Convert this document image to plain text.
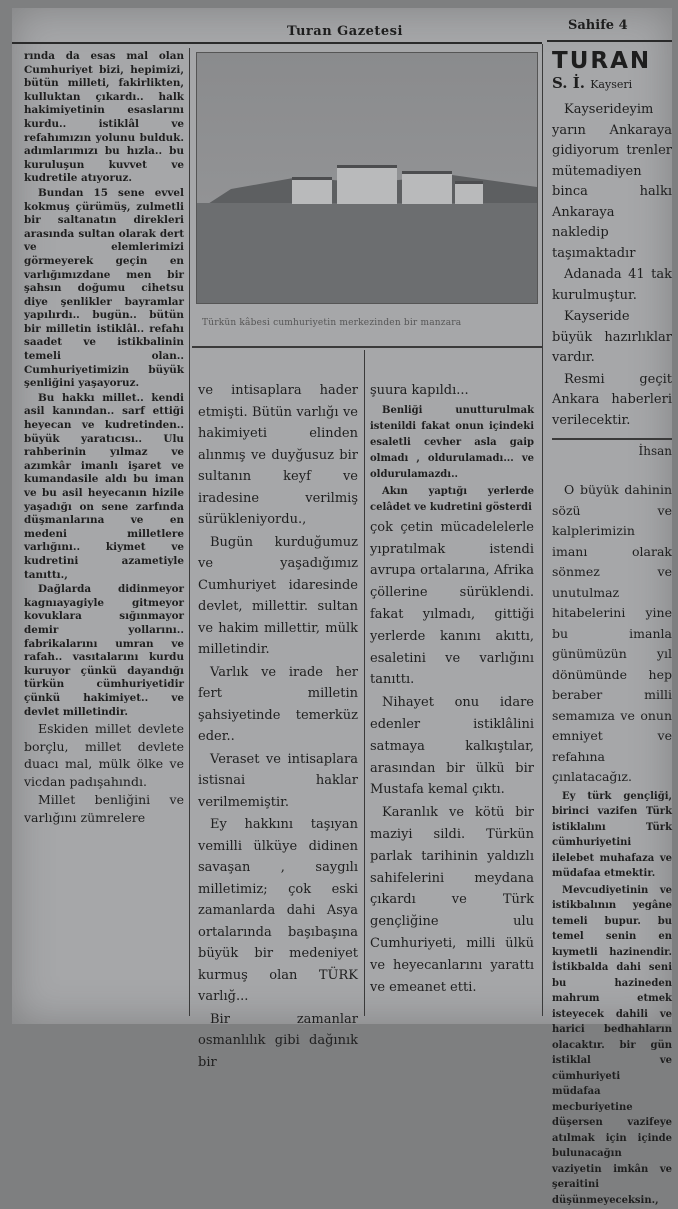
Turan Gazetesi	Sahife 4

rında da esas mal olan Cumhuriyet bizi, hepimizi, bütün milleti, fakirlikten, kulluktan çıkardı.. halk hakimiyetinin esaslarını kurdu.. istiklâl ve refahımızın yolunu bulduk. adımlarımızı bu hızla.. bu kuruluşun kuvvet ve kudretile atıyoruz.

Bundan 15 sene evvel kokmuş çürümüş, zulmetli bir saltanatın direkleri arasında sultan olarak dert ve elemlerimizi görmeyerek geçin en varlığımızdane men bir şahsın doğumu cihetsu diye şenlikler bayramlar yapılırdı.. bugün.. bütün bir milletin istiklâl.. refahı saadet ve istikbalinin temeli olan.. Cumhuriyetimizin büyük şenliğini yaşayoruz.

Bu hakkı millet.. kendi asil kanından.. sarf ettiği heyecan ve kudretinden.. büyük yaratıcısı.. Ulu rahberinin yılmaz ve azımkâr imanlı işaret ve kumandasile aldı bu iman ve bu asil heyecanın hizile yaşadığı on sene zarfında düşmanlarına ve en medeni milletlere varlığını.. kiymet ve kudretini azametiyle tanıttı.,

Dağlarda didinmeyor kagnıayagiyle gitmeyor kovuklara sığınmayor demir yollarını.. fabrikalarını umran ve rafah.. vasıtalarını kurdu kuruyor çünkü dayandığı türkün cümhuriyetidir çünkü hakimiyet.. ve devlet milletindir.

Eskiden millet devlete borçlu, millet devlete duacı mal, mülk ölke ve vicdan padışahındı.

Millet benliğini ve varlığını zümrelere

Türkün kâbesi cumhuriyetin merkezinden bir manzara

ve intisaplara hader etmişti. Bütün varlığı ve hakimiyeti elinden alınmış ve duyğusuz bir sultanın keyf ve iradesine verilmiş sürükleniyordu.,

Bugün kurduğumuz ve yaşadığımız Cumhuriyet idaresinde devlet, millettir. sultan ve hakim millettir, mülk milletindir.

Varlık ve irade her fert milletin şahsiyetinde temerküz eder..

Veraset ve intisaplara istisnai haklar verilmemiştir.

Ey hakkını taşıyan vemilli ülküye didinen savaşan , saygılı milletimiz; çok eski zamanlarda dahi Asya ortalarında başıbaşına büyük bir medeniyet kurmuş olan TÜRK varlığ...

Bir zamanlar osmanlılık gibi dağınık bir

şuura kapıldı...

Benliği unutturulmak istenildi fakat onun içindeki esaletli cevher asla gaip olmadı , oldurulamadı... ve oldurulamazdı..

Akın yaptığı yerlerde celâdet ve kudretini gösterdi

çok çetin mücadelelerle yıpratılmak istendi avrupa ortalarına, Afrika çöllerine sürüklendi. fakat yılmadı, gittiği yerlerde kanını akıttı, esaletini ve varlığını tanıttı.

Nihayet onu idare edenler istiklâlini satmaya kalkıştılar, arasından bir ülkü bir Mustafa kemal çıktı.

Karanlık ve kötü bir maziyi sildi. Türkün parlak tarihinin yaldızlı sahifelerini meydana çıkardı ve Türk gençliğine ulu Cumhuriyeti, milli ülkü ve heyecanlarını yarattı ve emeanet etti.

TURAN

S. İ. Kayseri

Kayserideyim yarın Ankaraya gidiyorum trenler mütemadiyen binca halkı Ankaraya nakledip taşımaktadır

Adanada 41 tak kurulmuştur.

Kayseride büyük hazırlıklar vardır.

Resmi geçit Ankara haberleri verilecektir.

İhsan

O büyük dahinin sözü ve kalplerimizin imanı olarak sönmez ve unutulmaz hitabelerini yine bu imanla günümüzün yıl dönümünde hep beraber milli semamıza ve onun emniyet ve refahına çınlatacağız.

Ey türk gençliği, birinci vazifen Türk istiklalını Türk cümhuriyetini ilelebet muhafaza ve müdafaa etmektir.

Mevcudiyetinin ve istikbalının yegâne temeli bupur. bu temel senin en kıymetli hazinendir. İstikbalda dahi seni bu hazineden mahrum etmek isteyecek dahili ve harici bedhahların olacaktır. bir gün istiklal ve cümhuriyeti müdafaa mecburiyetine düşersen vazifeye atılmak için içinde bulunacağın vaziyetin imkân ve şeraitini düşünmeyeceksin.,
